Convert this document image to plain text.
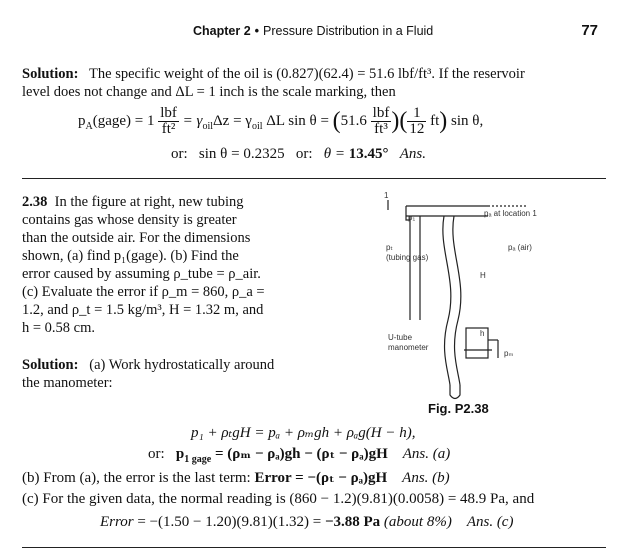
Chapter 2 • Pressure Distribution in a Fluid	77
Solution: The specific weight of the oil is (0.827)(62.4) = 51.6 lbf/ft³. If the reservoir
level does not change and ΔL = 1 inch is the scale marking, then
$p_A(gage) = 1 \frac{\text{lbf}}{\text{ft²}} = \gamma_{oil}\Delta z = \gamma_{oil}$ ΔL $\sin \theta = (51.6 \frac{\text{lbf}}{\text{ft³}}$ )( $\frac{1}{12} ft$) sin θ,
or: sin θ = 0.2325 or: θ = 13.45° Ans.
2.38 In the figure at right, new tubing
contains gas whose density is greater
than the outside air. For the dimensions
shown, (a) find p₁(gage). (b) Find the
error caused by assuming ρ_tube = ρ_air.
(c) Evaluate the error if ρ_m = 860, ρ_a =
1.2, and ρ_t = 1.5 kg/m³, H = 1.32 m, and
h = 0.58 cm.
Solution: (a) Work hydrostatically around
the manometer:
p₁	pₐ at location 1
pₜ
(tubing gas)
pₐ (air)
H
h
U-tube
manometer
pₘ
1
Fig. P2.38
p₁ + ρₜgH = pₐ + ρₘgh + ρₐg(H − h),
or: $p_{1 gage} = (\rho_m - \rho_a)gh - (\rho_t - \rho_a)gH$ Ans. (a)
(b) From (a), the error is the last term: Error = −(ρₜ − ρₐ)gH Ans. (b)
(c) For the given data, the normal reading is (860 − 1.2)(9.81)(0.0058) = 48.9 Pa, and
Error = −(1.50 − 1.20)(9.81)(1.32) = −3.88 Pa (about 8%) Ans. (c)
